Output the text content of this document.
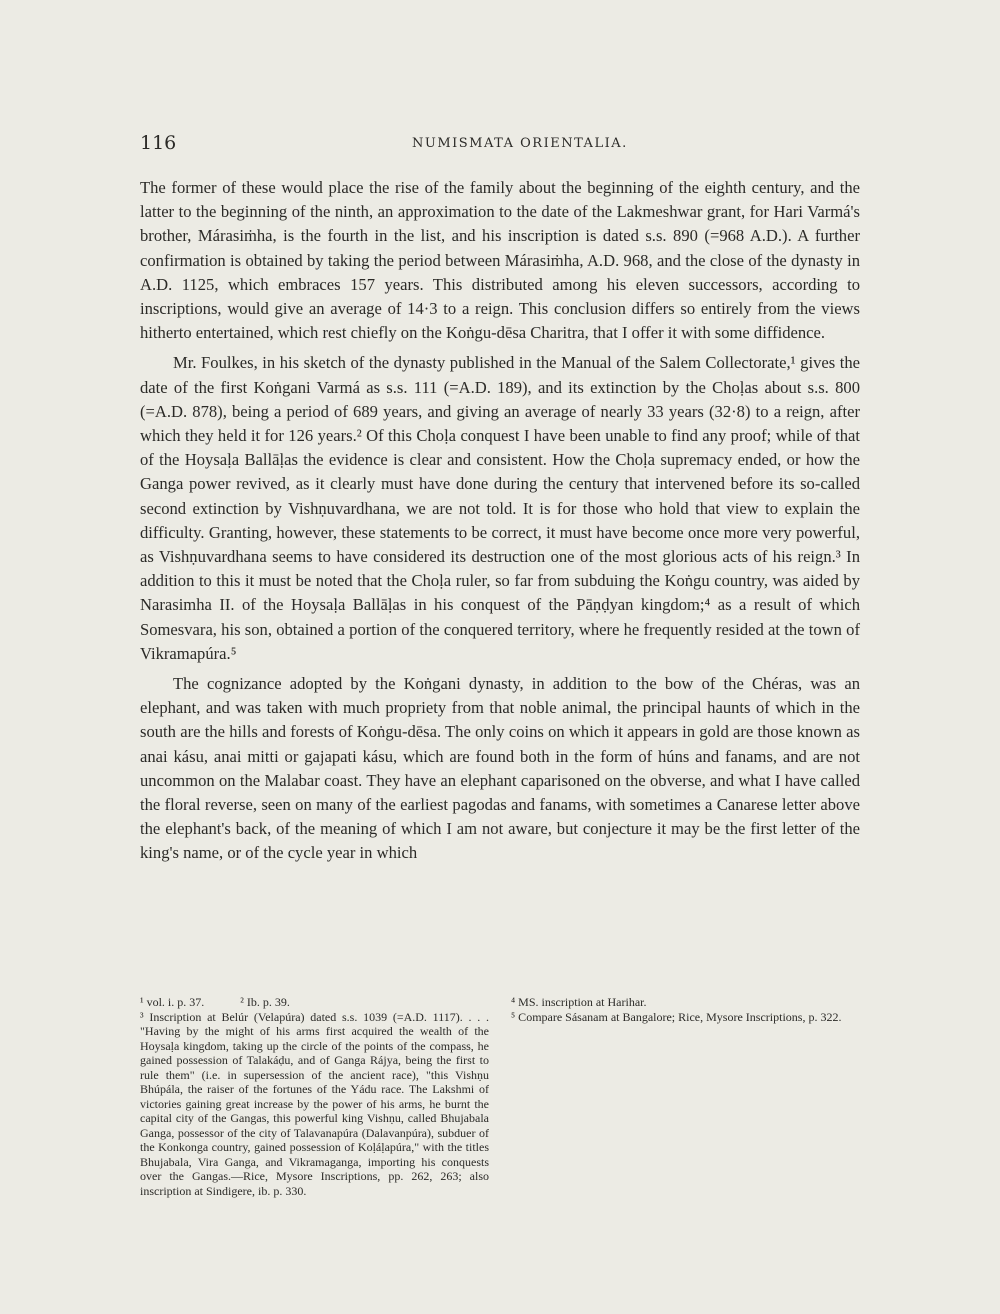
116	NUMISMATA ORIENTALIA.

The former of these would place the rise of the family about the beginning of the eighth century, and the latter to the beginning of the ninth, an approximation to the date of the Lakmeshwar grant, for Hari Varmá's brother, Márasiṁha, is the fourth in the list, and his inscription is dated s.s. 890 (=968 A.D.). A further confirmation is obtained by taking the period between Márasiṁha, A.D. 968, and the close of the dynasty in A.D. 1125, which embraces 157 years. This distributed among his eleven successors, according to inscriptions, would give an average of 14·3 to a reign. This conclusion differs so entirely from the views hitherto entertained, which rest chiefly on the Koṅgu-dēsa Charitra, that I offer it with some diffidence.

Mr. Foulkes, in his sketch of the dynasty published in the Manual of the Salem Collectorate,¹ gives the date of the first Koṅgani Varmá as s.s. 111 (=A.D. 189), and its extinction by the Choḷas about s.s. 800 (=A.D. 878), being a period of 689 years, and giving an average of nearly 33 years (32·8) to a reign, after which they held it for 126 years.² Of this Choḷa conquest I have been unable to find any proof; while of that of the Hoysaḷa Ballāḷas the evidence is clear and consistent. How the Choḷa supremacy ended, or how the Ganga power revived, as it clearly must have done during the century that intervened before its so-called second extinction by Vishṇuvardhana, we are not told. It is for those who hold that view to explain the difficulty. Granting, however, these statements to be correct, it must have become once more very powerful, as Vishṇuvardhana seems to have considered its destruction one of the most glorious acts of his reign.³ In addition to this it must be noted that the Choḷa ruler, so far from subduing the Koṅgu country, was aided by Narasimha II. of the Hoysaḷa Ballāḷas in his conquest of the Pāṇḍyan kingdom;⁴ as a result of which Somesvara, his son, obtained a portion of the conquered territory, where he frequently resided at the town of Vikramapúra.⁵

The cognizance adopted by the Koṅgani dynasty, in addition to the bow of the Chéras, was an elephant, and was taken with much propriety from that noble animal, the principal haunts of which in the south are the hills and forests of Koṅgu-dēsa. The only coins on which it appears in gold are those known as anai kásu, anai mitti or gajapati kásu, which are found both in the form of húns and fanams, and are not uncommon on the Malabar coast. They have an elephant caparisoned on the obverse, and what I have called the floral reverse, seen on many of the earliest pagodas and fanams, with sometimes a Canarese letter above the elephant's back, of the meaning of which I am not aware, but conjecture it may be the first letter of the king's name, or of the cycle year in which

¹ vol. i. p. 37.	² Ib. p. 39.

³ Inscription at Belúr (Velapúra) dated s.s. 1039 (=A.D. 1117). . . . "Having by the might of his arms first acquired the wealth of the Hoysaḷa kingdom, taking up the circle of the points of the compass, he gained possession of Talakáḍu, and of Ganga Rájya, being the first to rule them" (i.e. in supersession of the ancient race), "this Vishṇu Bhúpála, the raiser of the fortunes of the Yádu race. The Lakshmi of victories gaining great increase by the power of his arms, he burnt the capital city of the Gangas, this powerful king Vishṇu, called Bhujabala Ganga, possessor of the city of Talavanapúra (Dalavanpúra), subduer of the Konkonga country, gained possession of Koḷáḷapúra," with the titles Bhujabala, Vira Ganga, and Vikramaganga, importing his conquests over the Gangas.—Rice, Mysore Inscriptions, pp. 262, 263; also inscription at Sindigere, ib. p. 330.

⁴ MS. inscription at Harihar.

⁵ Compare Sásanam at Bangalore; Rice, Mysore Inscriptions, p. 322.
